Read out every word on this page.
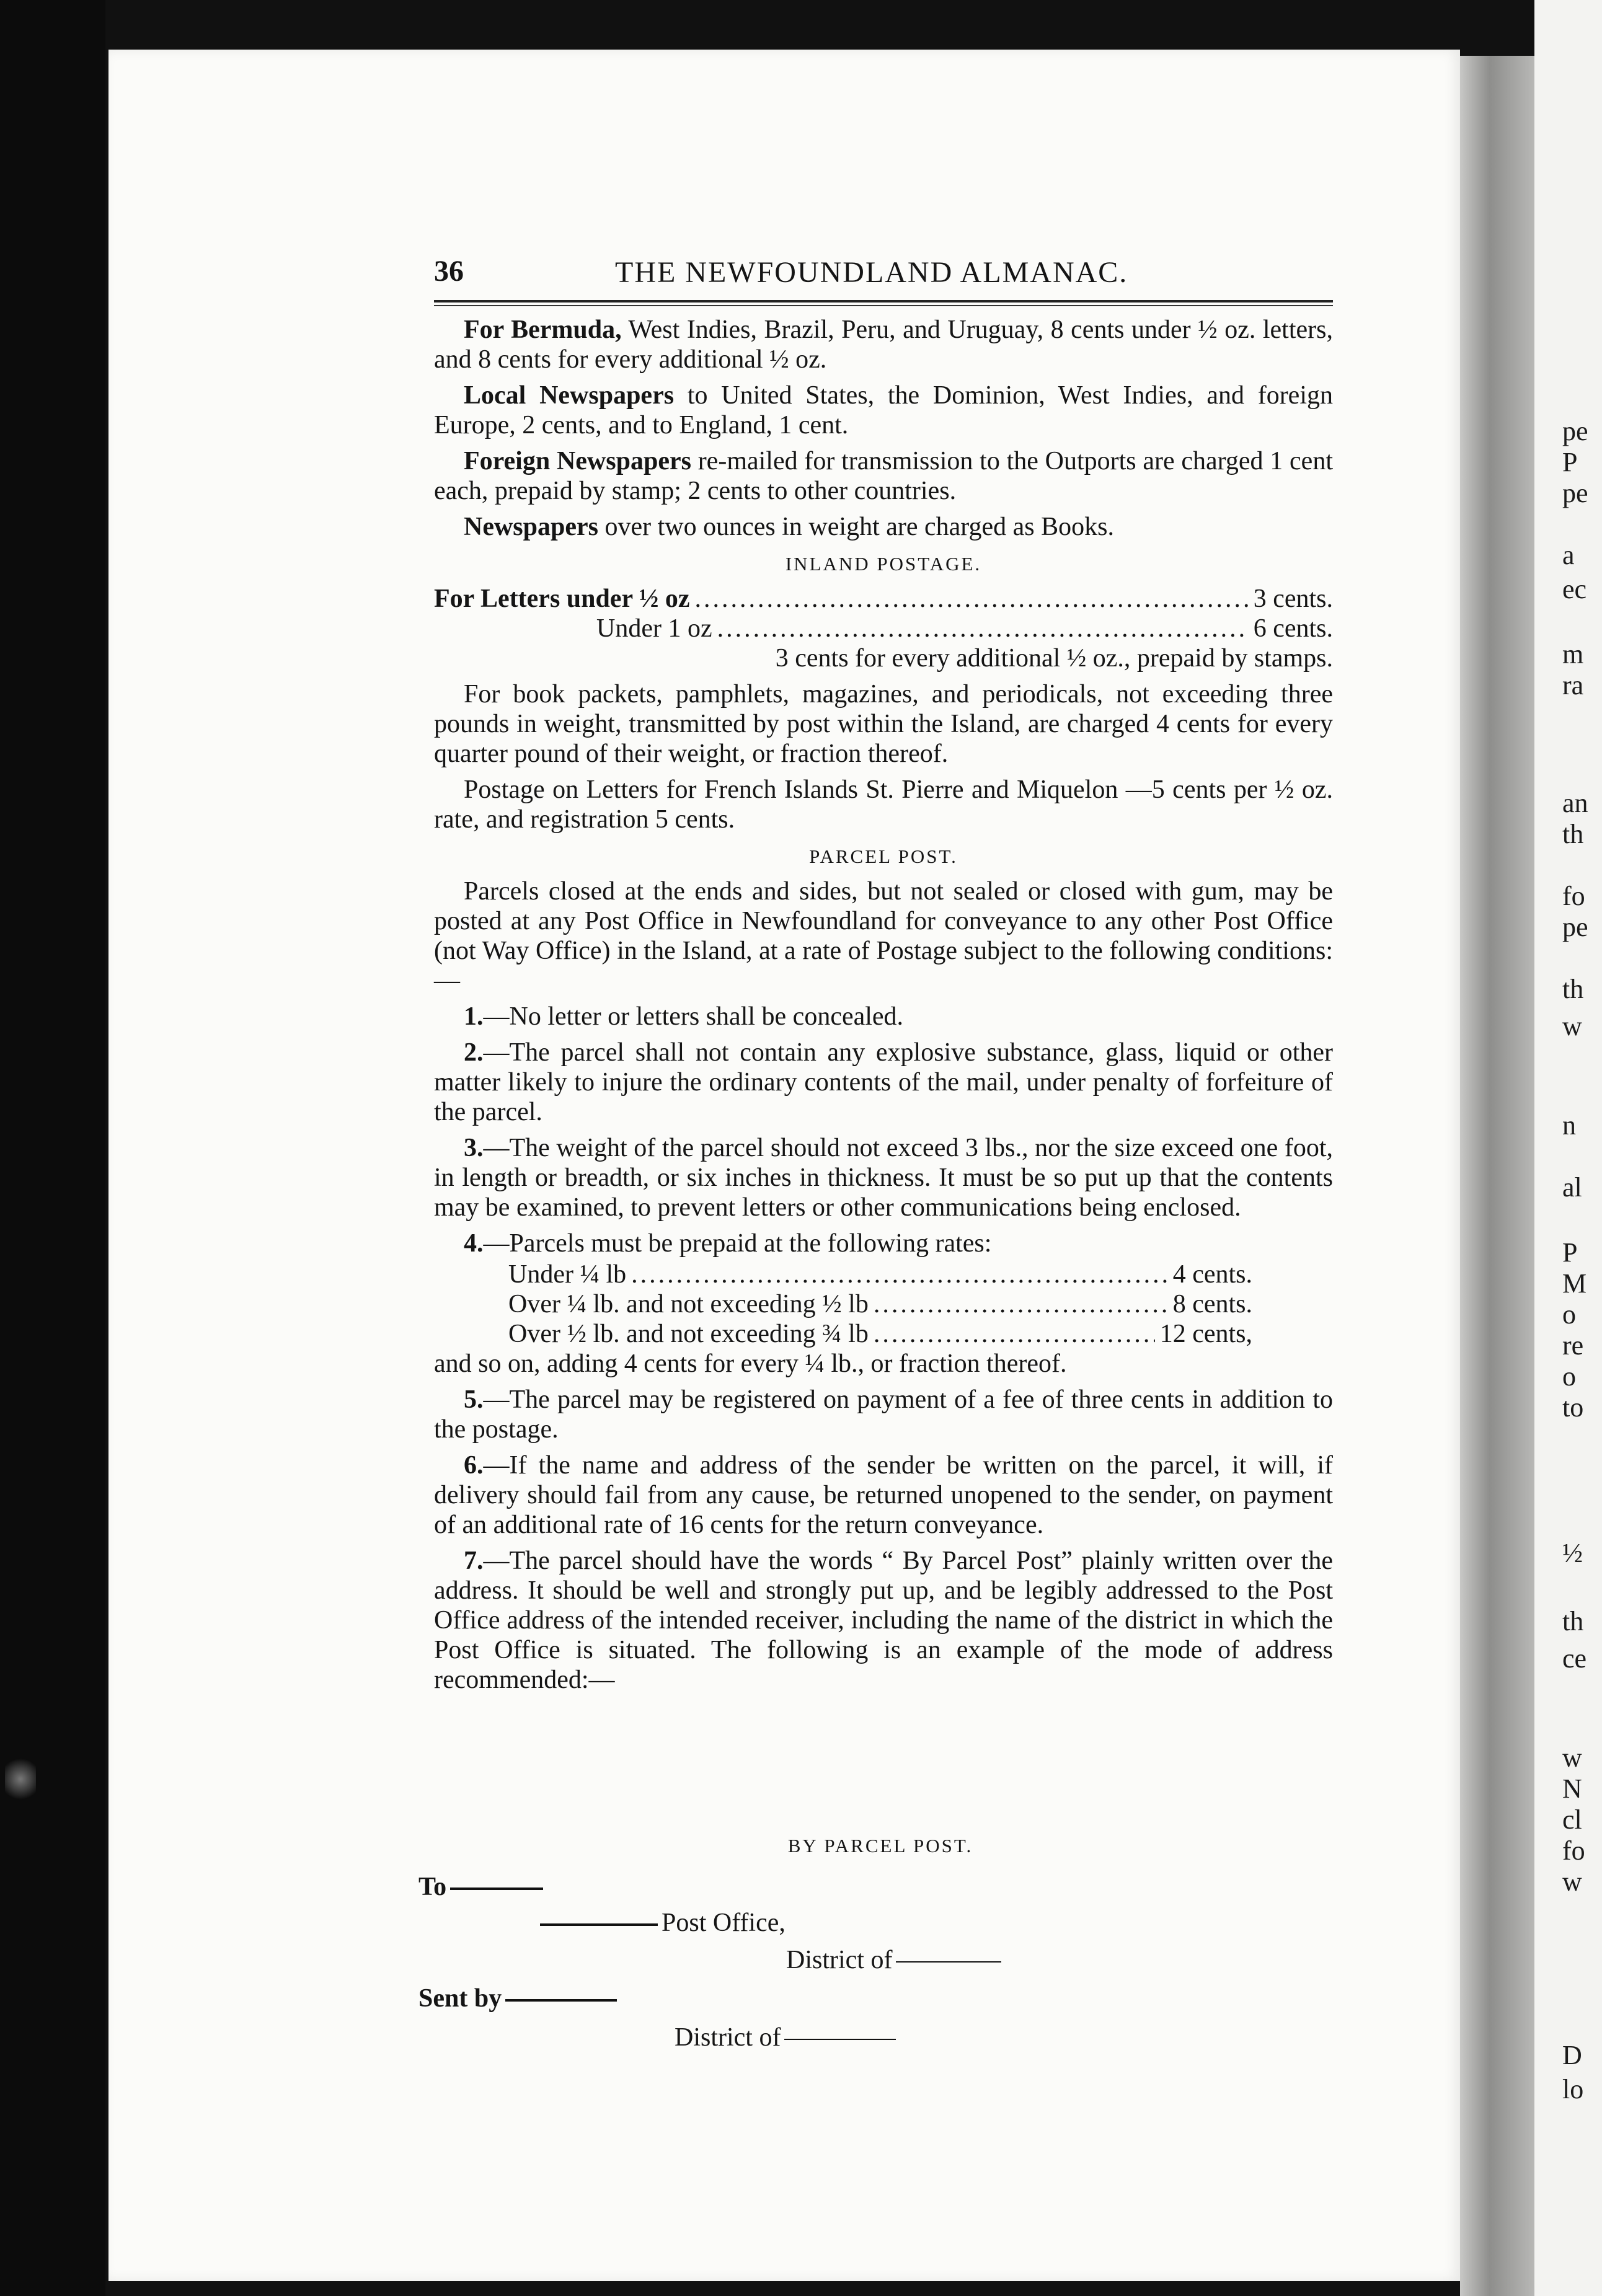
pe
P
pe
a
ec
m
ra
an
th
fo
pe
th
w
n
al
P
M
o
re
o
to
½
th
ce
w
N
cl
fo
w
D
lo
36	THE NEWFOUNDLAND ALMANAC.

For Bermuda, West Indies, Brazil, Peru, and Uruguay, 8 cents under ½ oz. letters, and 8 cents for every additional ½ oz.

Local Newspapers to United States, the Dominion, West Indies, and foreign Europe, 2 cents, and to England, 1 cent.

Foreign Newspapers re-mailed for transmission to the Outports are charged 1 cent each, prepaid by stamp; 2 cents to other countries.

Newspapers over two ounces in weight are charged as Books.

INLAND POSTAGE.
For Letters under ½ oz .....	3 cents.
Under 1 oz .....	6 cents.
3 cents for every additional ½ oz., prepaid by stamps.

For book packets, pamphlets, magazines, and periodicals, not exceeding three pounds in weight, transmitted by post within the Island, are charged 4 cents for every quarter pound of their weight, or fraction thereof.

Postage on Letters for French Islands St. Pierre and Miquelon —5 cents per ½ oz. rate, and registration 5 cents.

PARCEL POST.

Parcels closed at the ends and sides, but not sealed or closed with gum, may be posted at any Post Office in Newfoundland for conveyance to any other Post Office (not Way Office) in the Island, at a rate of Postage subject to the following conditions:—

1.—No letter or letters shall be concealed.

2.—The parcel shall not contain any explosive substance, glass, liquid or other matter likely to injure the ordinary contents of the mail, under penalty of forfeiture of the parcel.

3.—The weight of the parcel should not exceed 3 lbs., nor the size exceed one foot, in length or breadth, or six inches in thickness. It must be so put up that the contents may be examined, to prevent letters or other communications being enclosed.

4.—Parcels must be prepaid at the following rates:

Under ¼ lb .....	4 cents.
Over ¼ lb. and not exceeding ½ lb .....	8 cents.
Over ½ lb. and not exceeding ¾ lb .....	12 cents,

and so on, adding 4 cents for every ¼ lb., or fraction thereof.

5.—The parcel may be registered on payment of a fee of three cents in addition to the postage.

6.—If the name and address of the sender be written on the parcel, it will, if delivery should fail from any cause, be returned unopened to the sender, on payment of an additional rate of 16 cents for the return conveyance.

7.—The parcel should have the words “ By Parcel Post” plainly written over the address. It should be well and strongly put up, and be legibly addressed to the Post Office address of the intended receiver, including the name of the district in which the Post Office is situated. The following is an example of the mode of address recommended:—

BY PARCEL POST.
To
Post Office,
District of
Sent by
District of
